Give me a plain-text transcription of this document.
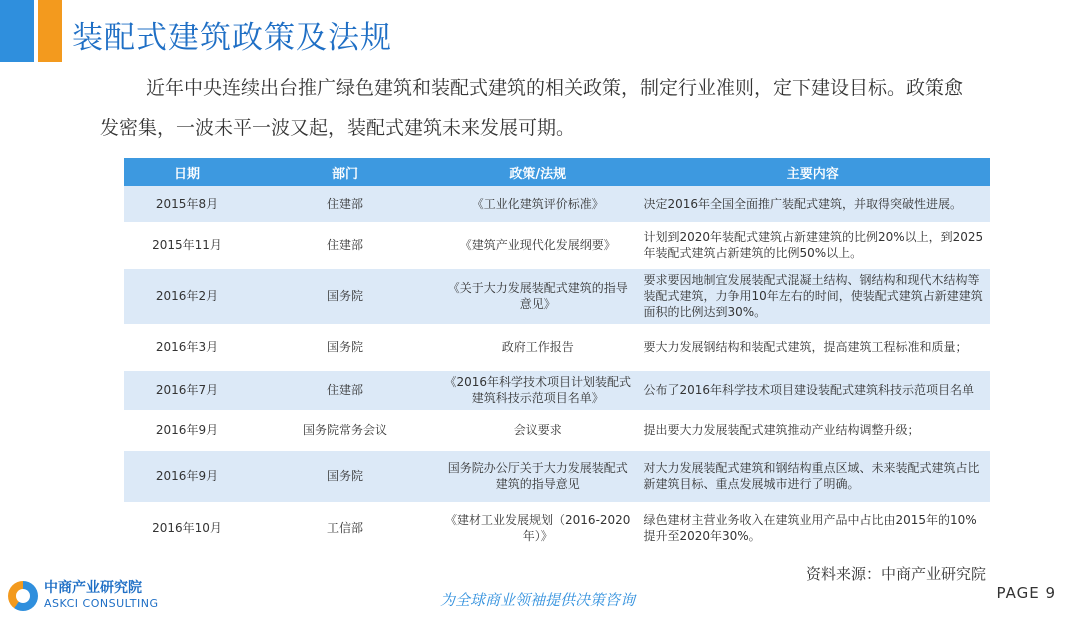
装配式建筑政策及法规
近年中央连续出台推广绿色建筑和装配式建筑的相关政策，制定行业准则，定下建设目标。政策愈发密集，一波未平一波又起，装配式建筑未来发展可期。
日期	部门	政策/法规	主要内容
2015年8月	住建部	《工业化建筑评价标准》	决定2016年全国全面推广装配式建筑，并取得突破性进展。
2015年11月	住建部	《建筑产业现代化发展纲要》	计划到2020年装配式建筑占新建建筑的比例20%以上，到2025年装配式建筑占新建筑的比例50%以上。
2016年2月	国务院	《关于大力发展装配式建筑的指导意见》	要求要因地制宜发展装配式混凝土结构、钢结构和现代木结构等装配式建筑，力争用10年左右的时间，使装配式建筑占新建建筑面积的比例达到30%。
2016年3月	国务院	政府工作报告	要大力发展钢结构和装配式建筑，提高建筑工程标准和质量；
2016年7月	住建部	《2016年科学技术项目计划装配式建筑科技示范项目名单》	公布了2016年科学技术项目建设装配式建筑科技示范项目名单
2016年9月	国务院常务会议	会议要求	提出要大力发展装配式建筑推动产业结构调整升级；
2016年9月	国务院	国务院办公厅关于大力发展装配式建筑的指导意见	对大力发展装配式建筑和钢结构重点区域、未来装配式建筑占比新建筑目标、重点发展城市进行了明确。
2016年10月	工信部	《建材工业发展规划（2016-2020年）》	绿色建材主营业务收入在建筑业用产品中占比由2015年的10%提升至2020年30%。
资料来源：中商产业研究院
中商产业研究院
ASKCI CONSULTING	为全球商业领袖提供决策咨询	PAGE 9
